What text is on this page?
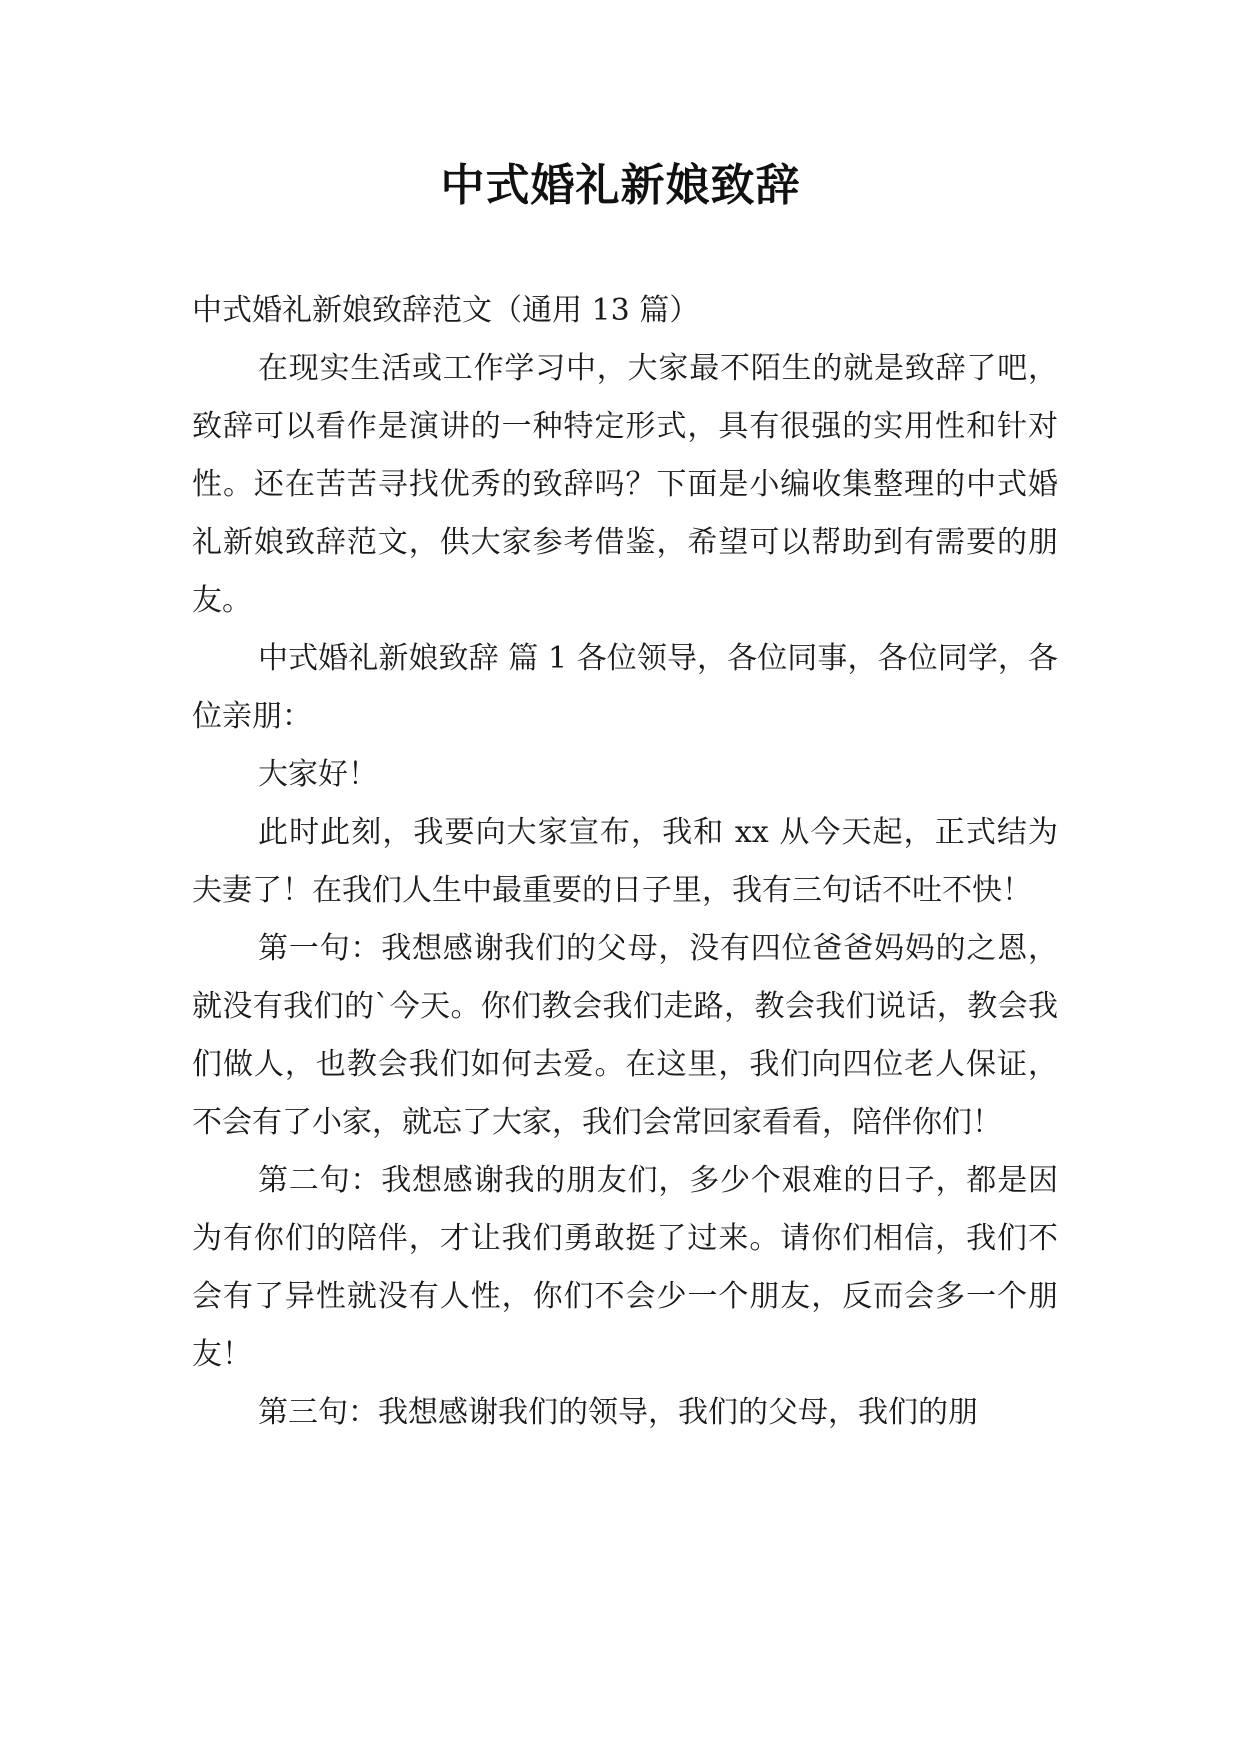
中式婚礼新娘致辞

中式婚礼新娘致辞范文（通用 13 篇）

在现实生活或工作学习中，大家最不陌生的就是致辞了吧，致辞可以看作是演讲的一种特定形式，具有很强的实用性和针对性。还在苦苦寻找优秀的致辞吗？下面是小编收集整理的中式婚礼新娘致辞范文，供大家参考借鉴，希望可以帮助到有需要的朋友。

中式婚礼新娘致辞 篇 1 各位领导，各位同事，各位同学，各位亲朋：

大家好！

此时此刻，我要向大家宣布，我和 xx 从今天起，正式结为夫妻了！在我们人生中最重要的日子里，我有三句话不吐不快！

第一句：我想感谢我们的父母，没有四位爸爸妈妈的之恩，就没有我们的`今天。你们教会我们走路，教会我们说话，教会我们做人，也教会我们如何去爱。在这里，我们向四位老人保证，不会有了小家，就忘了大家，我们会常回家看看，陪伴你们！

第二句：我想感谢我的朋友们，多少个艰难的日子，都是因为有你们的陪伴，才让我们勇敢挺了过来。请你们相信，我们不会有了异性就没有人性，你们不会少一个朋友，反而会多一个朋友！

第三句：我想感谢我们的领导，我们的父母，我们的朋
